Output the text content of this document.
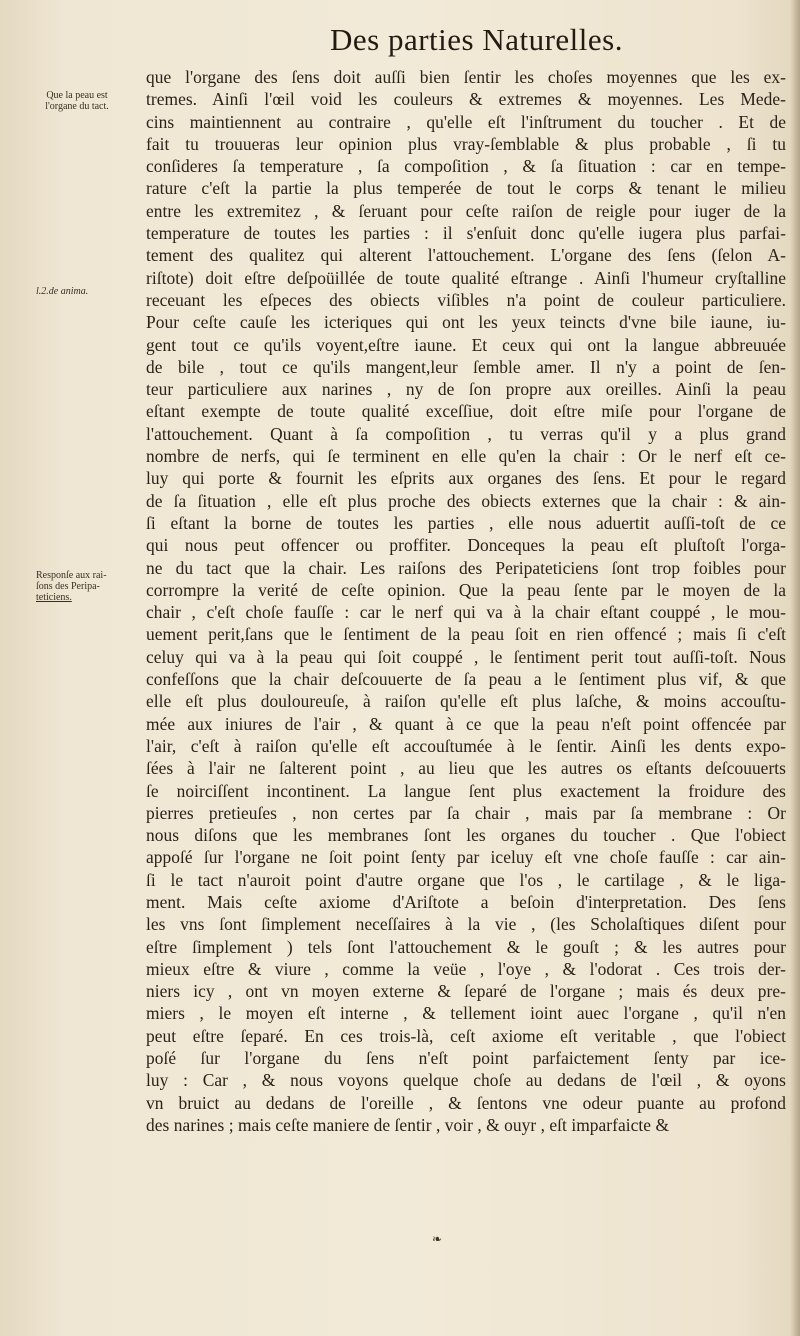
Des parties Naturelles.
Que la peau est
l'organe du tact.
l.2.de anima.
Responſe aux rai-
ſons des Peripa-
teticiens.
que l'organe des ſens doit auſſi bien ſentir les choſes moyennes que les ex-
tremes. Ainſi l'œil void les couleurs & extremes & moyennes. Les Mede-
cins maintiennent au contraire , qu'elle eſt l'inſtrument du toucher . Et de
fait tu trouueras leur opinion plus vray-ſemblable & plus probable , ſi tu
conſideres ſa temperature , ſa compoſition , & ſa ſituation : car en tempe-
rature c'eſt la partie la plus temperée de tout le corps & tenant le milieu
entre les extremitez , & ſeruant pour ceſte raiſon de reigle pour iuger de la
temperature de toutes les parties : il s'enſuit donc qu'elle iugera plus parfai-
tement des qualitez qui alterent l'attouchement. L'organe des ſens (ſelon A-
riſtote) doit eſtre deſpoüillée de toute qualité eſtrange . Ainſi l'humeur cryſtalline
receuant les eſpeces des obiects viſibles n'a point de couleur particuliere.
Pour ceſte cauſe les icteriques qui ont les yeux teincts d'vne bile iaune, iu-
gent tout ce qu'ils voyent,eſtre iaune. Et ceux qui ont la langue abbreuuée
de bile , tout ce qu'ils mangent,leur ſemble amer. Il n'y a point de ſen-
teur particuliere aux narines , ny de ſon propre aux oreilles. Ainſi la peau
eſtant exempte de toute qualité exceſſiue, doit eſtre miſe pour l'organe de
l'attouchement. Quant à ſa compoſition , tu verras qu'il y a plus grand
nombre de nerfs, qui ſe terminent en elle qu'en la chair : Or le nerf eſt ce-
luy qui porte & fournit les eſprits aux organes des ſens. Et pour le regard
de ſa ſituation , elle eſt plus proche des obiects externes que la chair : & ain-
ſi eſtant la borne de toutes les parties , elle nous aduertit auſſi-toſt de ce
qui nous peut offencer ou proffiter. Donceques la peau eſt pluſtoſt l'orga-
ne du tact que la chair. Les raiſons des Peripateticiens ſont trop foibles pour
corrompre la verité de ceſte opinion. Que la peau ſente par le moyen de la
chair , c'eſt choſe fauſſe : car le nerf qui va à la chair eſtant couppé , le mou-
uement perit,ſans que le ſentiment de la peau ſoit en rien offencé ; mais ſi c'eſt
celuy qui va à la peau qui ſoit couppé , le ſentiment perit tout auſſi-toſt. Nous
confeſſons que la chair deſcouuerte de ſa peau a le ſentiment plus vif, & que
elle eſt plus douloureuſe, à raiſon qu'elle eſt plus laſche, & moins accouſtu-
mée aux iniures de l'air , & quant à ce que la peau n'eſt point offencée par
l'air, c'eſt à raiſon qu'elle eſt accouſtumée à le ſentir. Ainſi les dents expo-
ſées à l'air ne ſalterent point , au lieu que les autres os eſtants deſcouuerts
ſe noirciſſent incontinent. La langue ſent plus exactement la froidure des
pierres pretieuſes , non certes par ſa chair , mais par ſa membrane : Or
nous diſons que les membranes ſont les organes du toucher . Que l'obiect
appoſé ſur l'organe ne ſoit point ſenty par iceluy eſt vne choſe fauſſe : car ain-
ſi le tact n'auroit point d'autre organe que l'os , le cartilage , & le liga-
ment. Mais ceſte axiome d'Ariſtote a beſoin d'interpretation. Des ſens
les vns ſont ſimplement neceſſaires à la vie , (les Scholaſtiques diſent pour
eſtre ſimplement ) tels ſont l'attouchement & le gouſt ; & les autres pour
mieux eſtre & viure , comme la veüe , l'oye , & l'odorat . Ces trois der-
niers icy , ont vn moyen externe & ſeparé de l'organe ; mais és deux pre-
miers , le moyen eſt interne , & tellement ioint auec l'organe , qu'il n'en
peut eſtre ſeparé. En ces trois-là, ceſt axiome eſt veritable , que l'obiect
poſé ſur l'organe du ſens n'eſt point parfaictement ſenty par ice-
luy : Car , & nous voyons quelque choſe au dedans de l'œil , & oyons
vn bruict au dedans de l'oreille , & ſentons vne odeur puante au profond
des narines ; mais ceſte maniere de ſentir , voir , & ouyr , eſt imparfaicte &
❧
